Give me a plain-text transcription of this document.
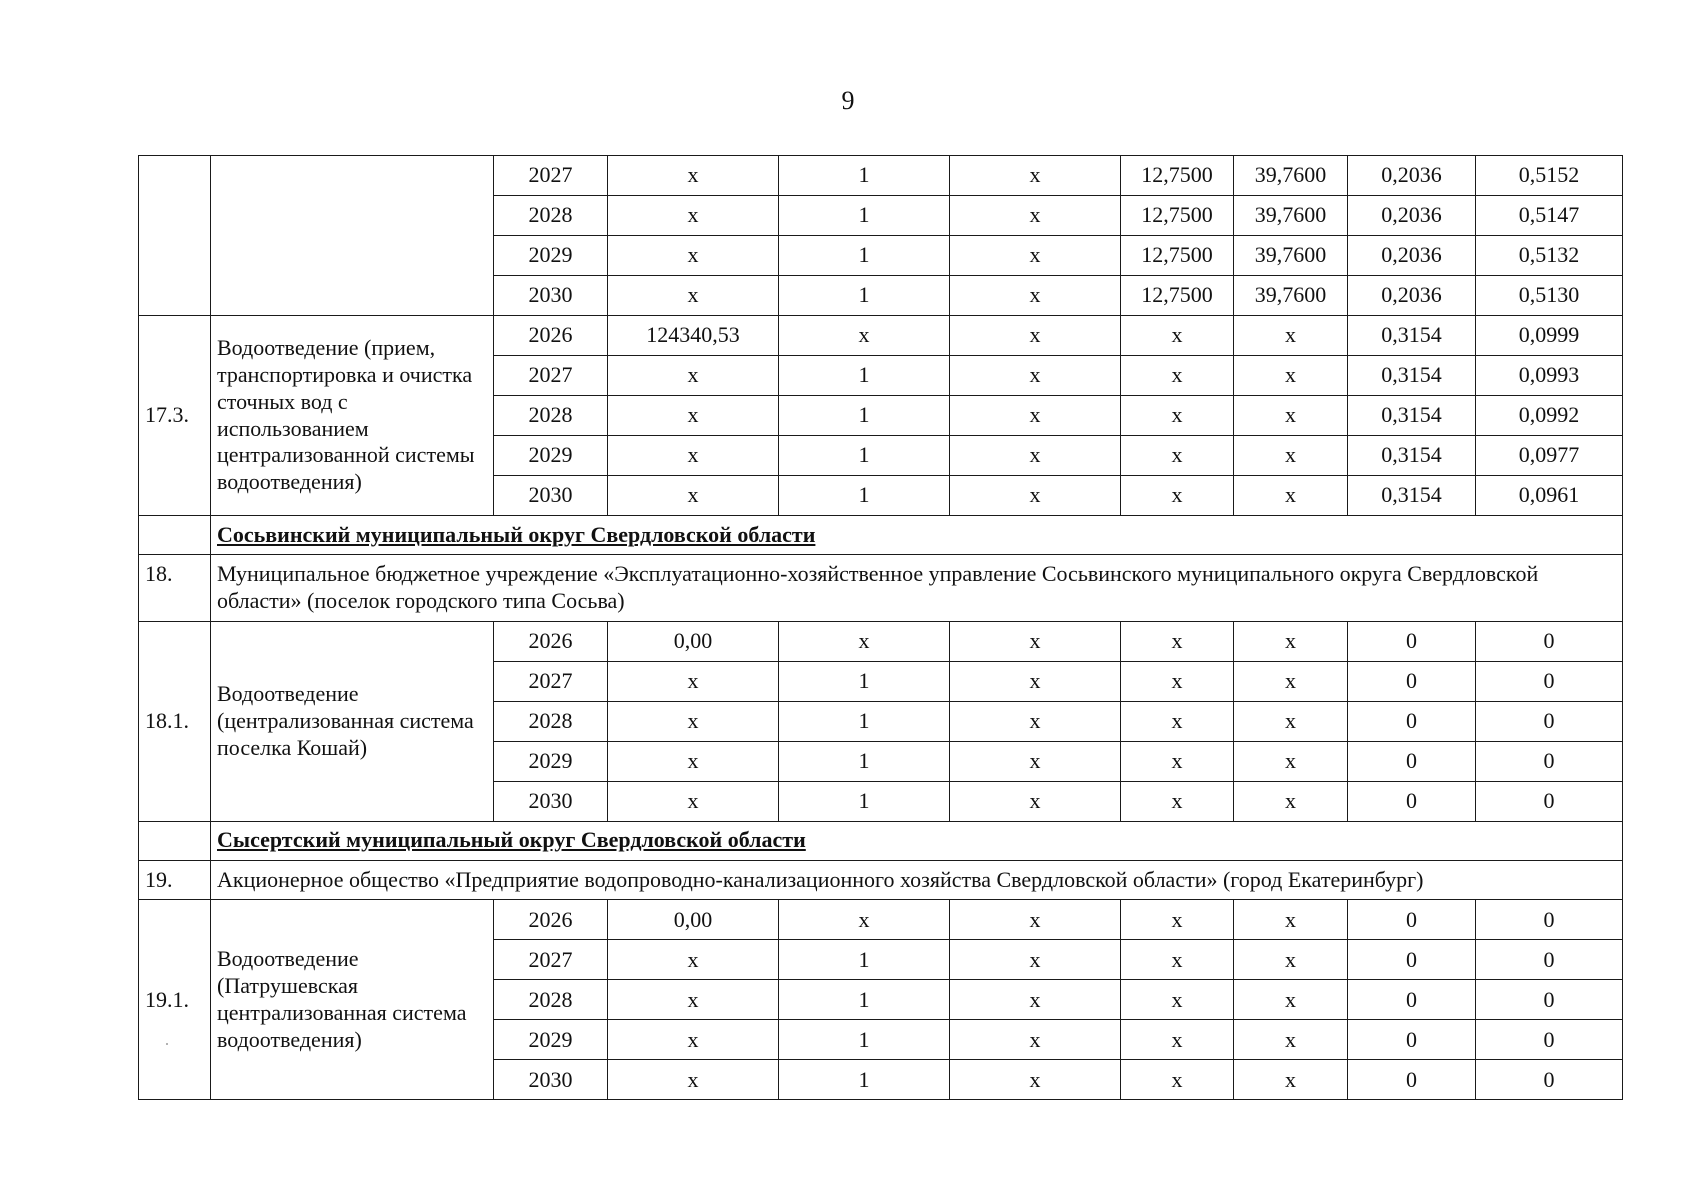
9
		2027	x	1	x	12,7500	39,7600	0,2036	0,5152
		2028	x	1	x	12,7500	39,7600	0,2036	0,5147
		2029	x	1	x	12,7500	39,7600	0,2036	0,5132
		2030	x	1	x	12,7500	39,7600	0,2036	0,5130
17.3.	Водоотведение (прием, транспортировка и очистка сточных вод с использованием централизованной системы водоотведения)	2026	124340,53	x	x	x	x	0,3154	0,0999
		2027	x	1	x	x	x	0,3154	0,0993
		2028	x	1	x	x	x	0,3154	0,0992
		2029	x	1	x	x	x	0,3154	0,0977
		2030	x	1	x	x	x	0,3154	0,0961
	Сосьвинский муниципальный округ Свердловской области								
18.	Муниципальное бюджетное учреждение «Эксплуатационно-хозяйственное управление Сосьвинского муниципального округа Свердловской области» (поселок городского типа Сосьва)								
18.1.	Водоотведение (централизованная система поселка Кошай)	2026	0,00	x	x	x	x	0	0
		2027	x	1	x	x	x	0	0
		2028	x	1	x	x	x	0	0
		2029	x	1	x	x	x	0	0
		2030	x	1	x	x	x	0	0
	Сысертский муниципальный округ Свердловской области								
19.	Акционерное общество «Предприятие водопроводно-канализационного хозяйства Свердловской области» (город Екатеринбург)								
19.1.	Водоотведение (Патрушевская централизованная система водоотведения)	2026	0,00	x	x	x	x	0	0
		2027	x	1	x	x	x	0	0
		2028	x	1	x	x	x	0	0
		2029	x	1	x	x	x	0	0
		2030	x	1	x	x	x	0	0
